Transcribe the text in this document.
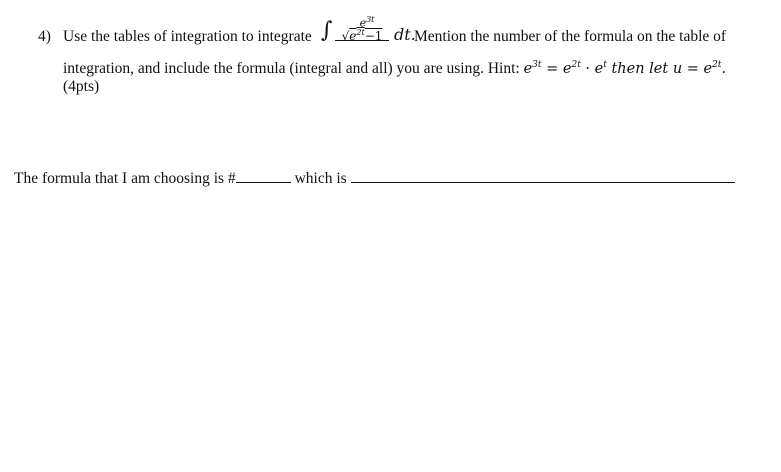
4) Use the tables of integration to integrate ∫	$e^{3t}$
$√e^{2t}-1$ dt.
Mention the number of the formula on the table of
integration, and include the formula (integral and all) you are using. Hint: $e^{3t} = e^{2t} \cdot e^t$ then let $u = e^{2t}$.
(4pts)
The formula that I am choosing is #	which is
